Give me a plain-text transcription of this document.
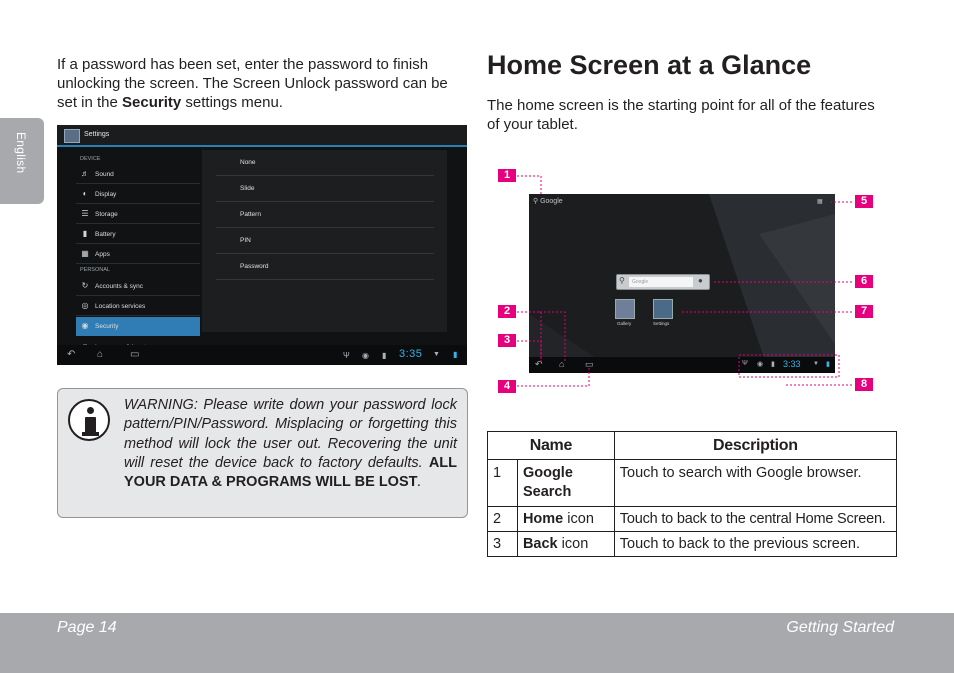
English

If a password has been set, enter the password to finish unlocking the screen. The Screen Unlock password can be set in the Security settings menu.

Settings
DEVICE
♬ Sound
◐ Display
☰ Storage
▮ Battery
▦ Apps
PERSONAL
↻ Accounts & sync
◎ Location services
◉ Security
None
Slide
Pattern
PIN
Password
↶ ⌂	▭	Ψ ◉ ▮ 3:35 ▼ ▮

WARNING: Please write down your password lock pattern/PIN/Password. Misplacing or forgetting this method will lock the user out. Recovering the unit will reset the device back to factory defaults. ALL YOUR DATA & PROGRAMS WILL BE LOST.

Home Screen at a Glance

The home screen is the starting point for all of the features of your tablet.

⚲ Google	▦
⚲	Google	●
Gallery	Settings
↶ ⌂ ▭	Ψ ◉ ▮ 3:33 ▼ ▮
1
2
3
4
5
6
7
8
Name		Description
1	Google Search	Touch to search with Google browser.
2	Home icon	Touch to back to the central Home Screen.
3	Back icon	Touch to back to the previous screen.
Page 14	Getting Started
